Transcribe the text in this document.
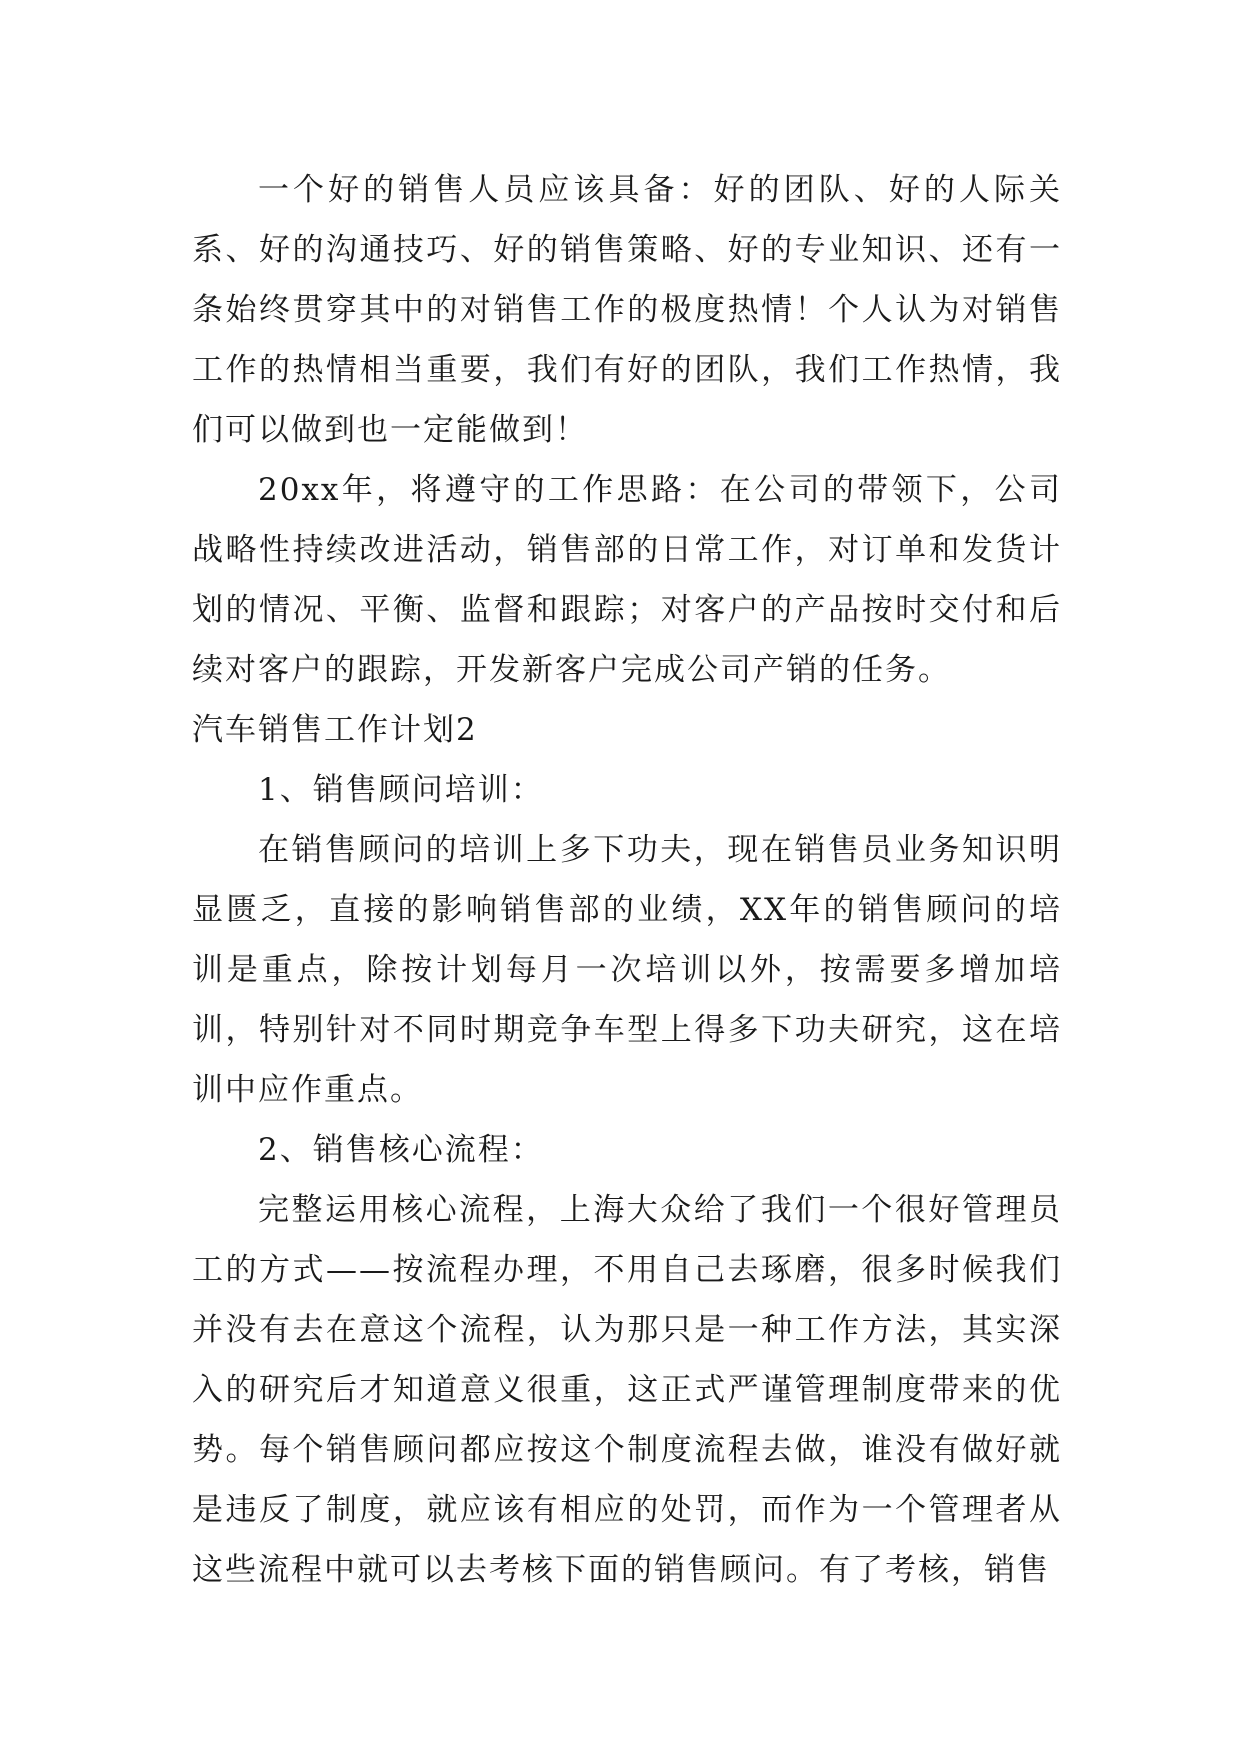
一个好的销售人员应该具备：好的团队、好的人际关系、好的沟通技巧、好的销售策略、好的专业知识、还有一条始终贯穿其中的对销售工作的极度热情！个人认为对销售工作的热情相当重要，我们有好的团队，我们工作热情，我们可以做到也一定能做到！

20xx年，将遵守的工作思路：在公司的带领下，公司战略性持续改进活动，销售部的日常工作，对订单和发货计划的情况、平衡、监督和跟踪；对客户的产品按时交付和后续对客户的跟踪，开发新客户完成公司产销的任务。

汽车销售工作计划2

1、销售顾问培训：

在销售顾问的培训上多下功夫，现在销售员业务知识明显匮乏，直接的影响销售部的业绩，XX年的销售顾问的培训是重点，除按计划每月一次培训以外，按需要多增加培训，特别针对不同时期竞争车型上得多下功夫研究，这在培训中应作重点。

2、销售核心流程：

完整运用核心流程，上海大众给了我们一个很好管理员工的方式——按流程办理，不用自己去琢磨，很多时候我们并没有去在意这个流程，认为那只是一种工作方法，其实深入的研究后才知道意义很重，这正式严谨管理制度带来的优势。每个销售顾问都应按这个制度流程去做，谁没有做好就是违反了制度，就应该有相应的处罚，而作为一个管理者从这些流程中就可以去考核下面的销售顾问。有了考核，销售
